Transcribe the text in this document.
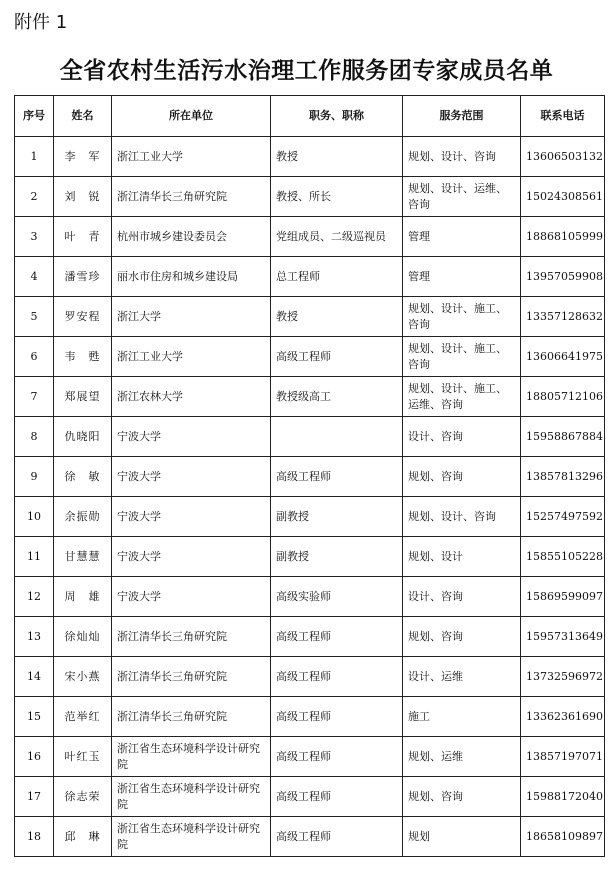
附件 1
全省农村生活污水治理工作服务团专家成员名单
序号	姓名	所在单位	职务、职称	服务范围	联系电话
1	李　军	浙江工业大学	教授	规划、设计、咨询	13606503132
2	刘　锐	浙江清华长三角研究院	教授、所长	规划、设计、运维、咨询	15024308561
3	叶　青	杭州市城乡建设委员会	党组成员、二级巡视员	管理	18868105999
4	潘雪珍	丽水市住房和城乡建设局	总工程师	管理	13957059908
5	罗安程	浙江大学	教授	规划、设计、施工、咨询	13357128632
6	韦　甦	浙江工业大学	高级工程师	规划、设计、施工、咨询	13606641975
7	郑展望	浙江农林大学	教授级高工	规划、设计、施工、运维、咨询	18805712106
8	仇晓阳	宁波大学		设计、咨询	15958867884
9	徐　敏	宁波大学	高级工程师	规划、咨询	13857813296
10	余振勋	宁波大学	副教授	规划、设计、咨询	15257497592
11	甘慧慧	宁波大学	副教授	规划、设计	15855105228
12	周　雄	宁波大学	高级实验师	设计、咨询	15869599097
13	徐灿灿	浙江清华长三角研究院	高级工程师	规划、咨询	15957313649
14	宋小燕	浙江清华长三角研究院	高级工程师	设计、运维	13732596972
15	范举红	浙江清华长三角研究院	高级工程师	施工	13362361690
16	叶红玉	浙江省生态环境科学设计研究院	高级工程师	规划、运维	13857197071
17	徐志荣	浙江省生态环境科学设计研究院	高级工程师	规划、咨询	15988172040
18	邱　琳	浙江省生态环境科学设计研究院	高级工程师	规划	18658109897
